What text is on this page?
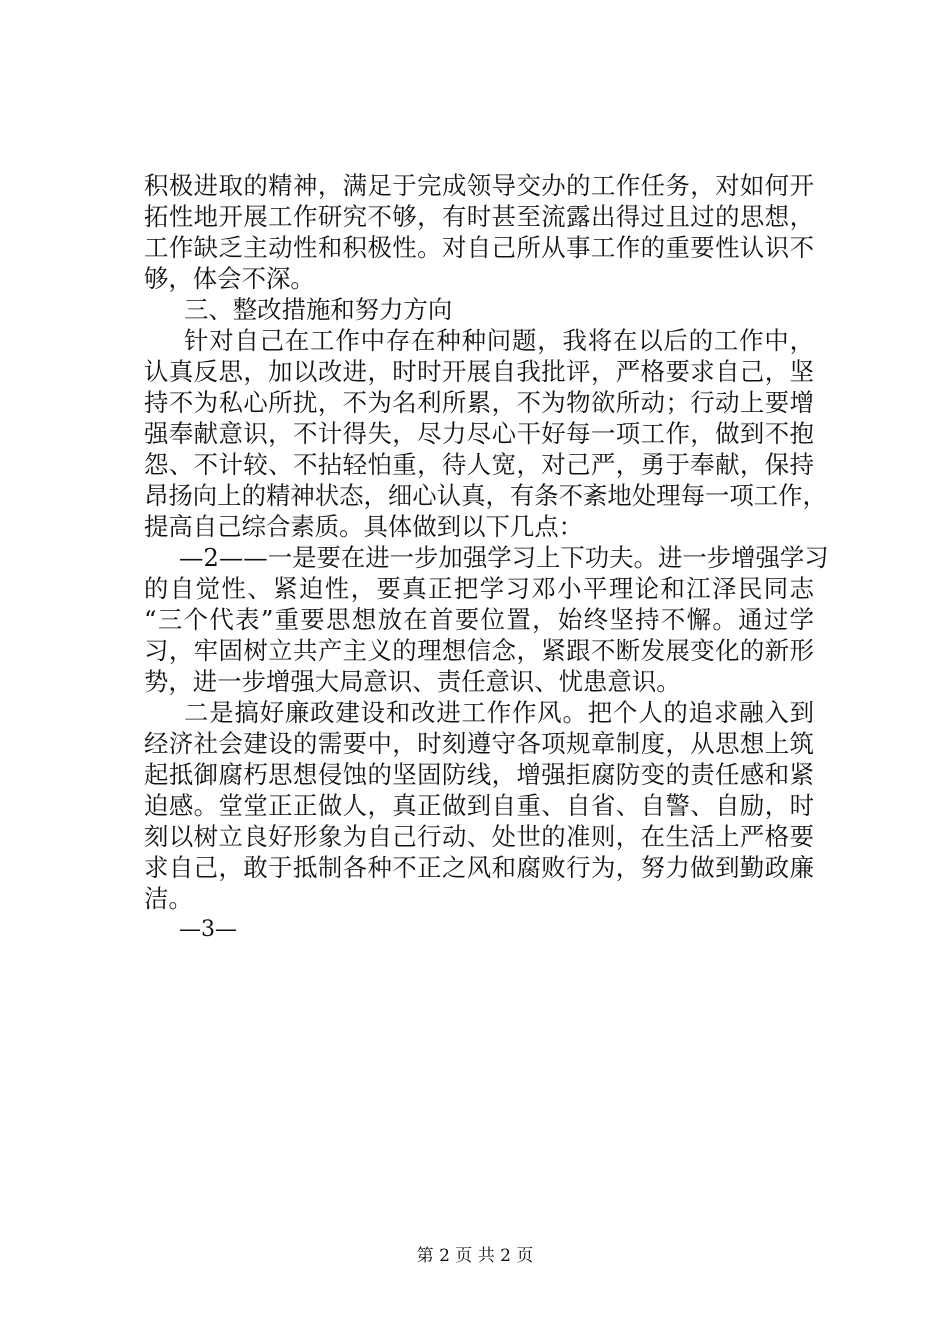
积极进取的精神，满足于完成领导交办的工作任务，对如何开
拓性地开展工作研究不够，有时甚至流露出得过且过的思想，
工作缺乏主动性和积极性。对自己所从事工作的重要性认识不
够，体会不深。
三、整改措施和努力方向
针对自己在工作中存在种种问题，我将在以后的工作中，
认真反思，加以改进，时时开展自我批评，严格要求自己，坚
持不为私心所扰，不为名利所累，不为物欲所动；行动上要增
强奉献意识，不计得失，尽力尽心干好每一项工作，做到不抱
怨、不计较、不拈轻怕重，待人宽，对己严，勇于奉献，保持
昂扬向上的精神状态，细心认真，有条不紊地处理每一项工作，
提高自己综合素质。具体做到以下几点：
—2——一是要在进一步加强学习上下功夫。进一步增强学习
的自觉性、紧迫性，要真正把学习邓小平理论和江泽民同志
“三个代表”重要思想放在首要位置，始终坚持不懈。通过学
习，牢固树立共产主义的理想信念，紧跟不断发展变化的新形
势，进一步增强大局意识、责任意识、忧患意识。
二是搞好廉政建设和改进工作作风。把个人的追求融入到
经济社会建设的需要中，时刻遵守各项规章制度，从思想上筑
起抵御腐朽思想侵蚀的坚固防线，增强拒腐防变的责任感和紧
迫感。堂堂正正做人，真正做到自重、自省、自警、自励，时
刻以树立良好形象为自己行动、处世的准则，在生活上严格要
求自己，敢于抵制各种不正之风和腐败行为，努力做到勤政廉
洁。
—3—
第 2 页 共 2 页
